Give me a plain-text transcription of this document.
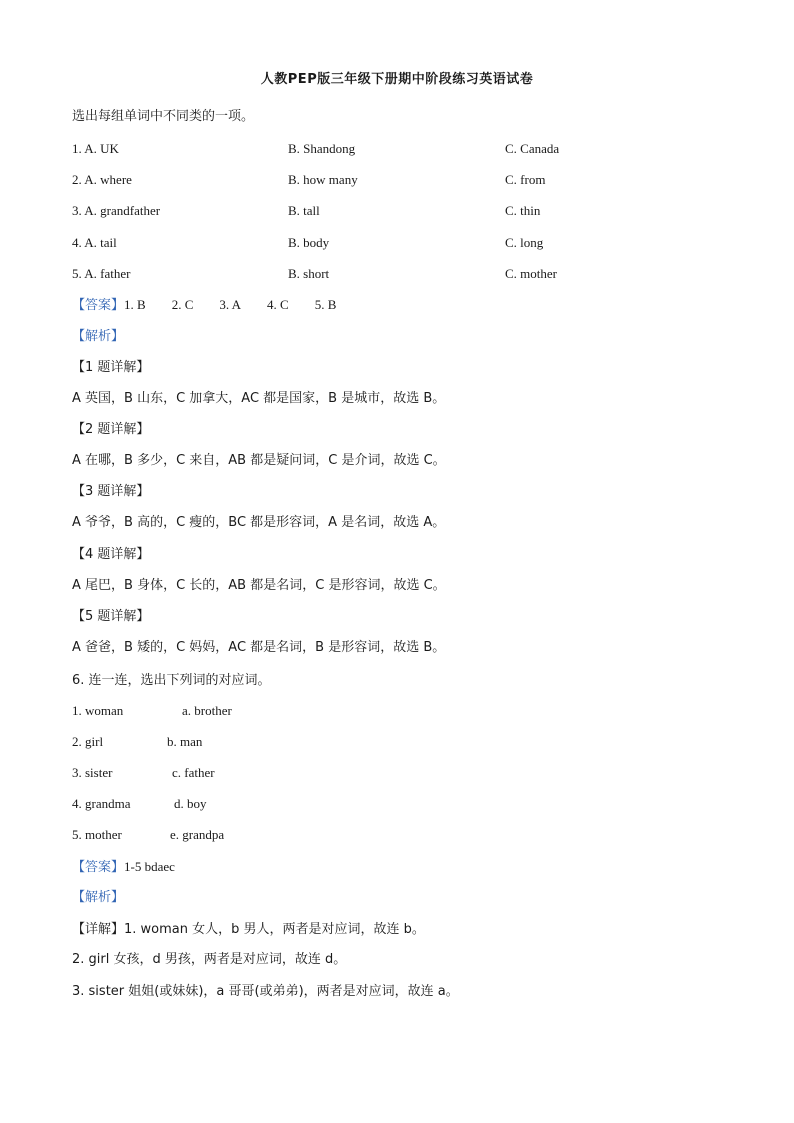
人教PEP版三年级下册期中阶段练习英语试卷
选出每组单词中不同类的一项。
1. A. UK	B. Shandong	C. Canada
2. A. where	B. how many	C. from
3. A. grandfather	B. tall	C. thin
4. A. tail	B. body	C. long
5. A. father	B. short	C. mother
【答案】1. B 2. C 3. A 4. C 5. B
【解析】
【1 题详解】
A 英国，B 山东，C 加拿大，AC 都是国家，B 是城市，故选 B。
【2 题详解】
A 在哪，B 多少，C 来自，AB 都是疑问词，C 是介词，故选 C。
【3 题详解】
A 爷爷，B 高的，C 瘦的，BC 都是形容词，A 是名词，故选 A。
【4 题详解】
A 尾巴，B 身体，C 长的，AB 都是名词，C 是形容词，故选 C。
【5 题详解】
A 爸爸，B 矮的，C 妈妈，AC 都是名词，B 是形容词，故选 B。
6. 连一连，选出下列词的对应词。
1. woman	a. brother
2. girl	b. man
3. sister	c. father
4. grandma	d. boy
5. mother	e. grandpa
【答案】1-5 bdaec
【解析】
【详解】1. woman 女人，b 男人，两者是对应词，故连 b。
2. girl 女孩，d 男孩，两者是对应词，故连 d。
3. sister 姐姐(或妹妹)，a 哥哥(或弟弟)，两者是对应词，故连 a。
